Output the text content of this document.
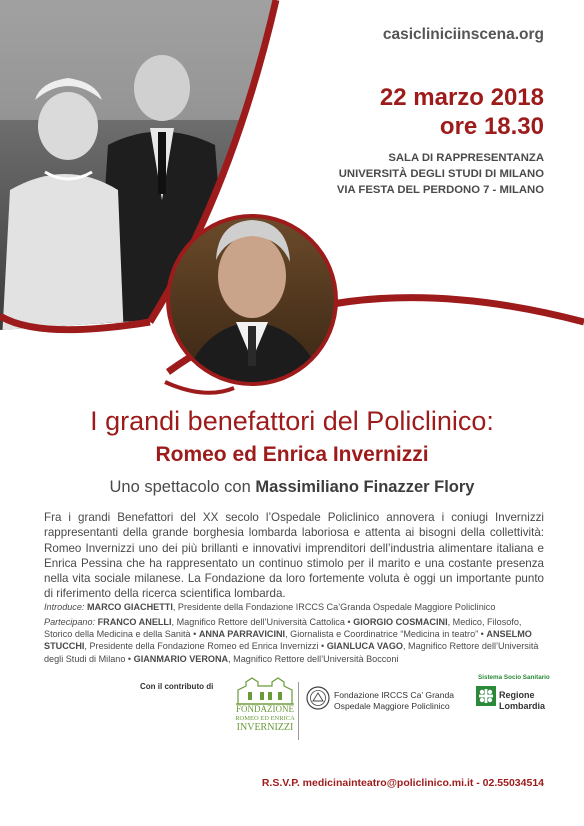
casicliniciinscena.org
22 marzo 2018
ore 18.30
SALA DI RAPPRESENTANZA
UNIVERSITÀ DEGLI STUDI DI MILANO
VIA FESTA DEL PERDONO 7 - MILANO
I grandi benefattori del Policlinico:
Romeo ed Enrica Invernizzi
Uno spettacolo con Massimiliano Finazzer Flory
Fra i grandi Benefattori del XX secolo l’Ospedale Policlinico annovera i coniugi Invernizzi rappresentanti della grande borghesia lombarda laboriosa e attenta ai bisogni della collettività: Romeo Invernizzi uno dei più brillanti e innovativi imprenditori dell’industria alimentare italiana e Enrica Pessina che ha rappresentato un continuo stimolo per il marito e una costante presenza nella vita sociale milanese. La Fondazione da loro fortemente voluta è oggi un importante punto di riferimento della ricerca scientifica lombarda.
Introduce: MARCO GIACHETTI, Presidente della Fondazione IRCCS Ca’Granda Ospedale Maggiore Policlinico
Partecipano: FRANCO ANELLI, Magnifico Rettore dell’Università Cattolica • GIORGIO COSMACINI, Medico, Filosofo, Storico della Medicina e della Sanità • ANNA PARRAVICINI, Giornalista e Coordinatrice “Medicina in teatro” • ANSELMO STUCCHI, Presidente della Fondazione Romeo ed Enrica Invernizzi • GIANLUCA VAGO, Magnifico Rettore dell’Università degli Studi di Milano • GIANMARIO VERONA, Magnifico Rettore dell’Università Bocconi
Con il contributo di
FONDAZIONE
ROMEO ED ENRICA
INVERNIZZI
Fondazione IRCCS Ca’ Granda
Ospedale Maggiore Policlinico
Sistema Socio Sanitario
Regione
Lombardia
R.S.V.P. medicinainteatro@policlinico.mi.it - 02.55034514
